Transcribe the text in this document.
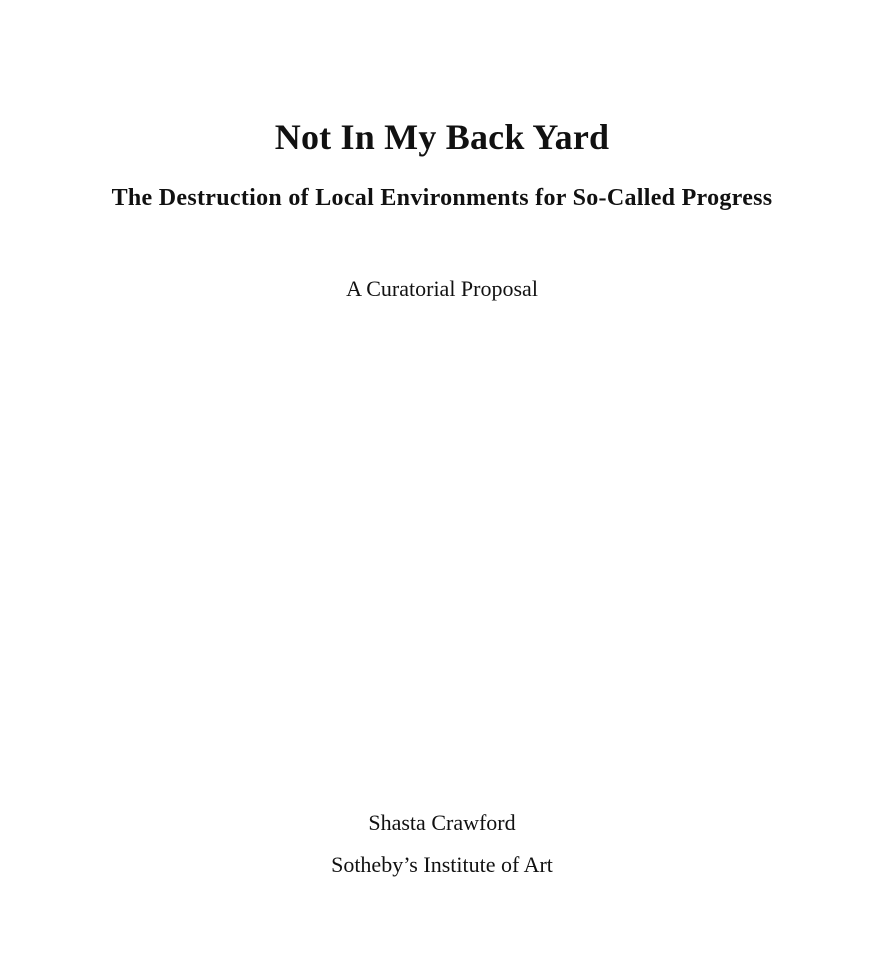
Not In My Back Yard
The Destruction of Local Environments for So-Called Progress
A Curatorial Proposal
Shasta Crawford
Sotheby’s Institute of Art
